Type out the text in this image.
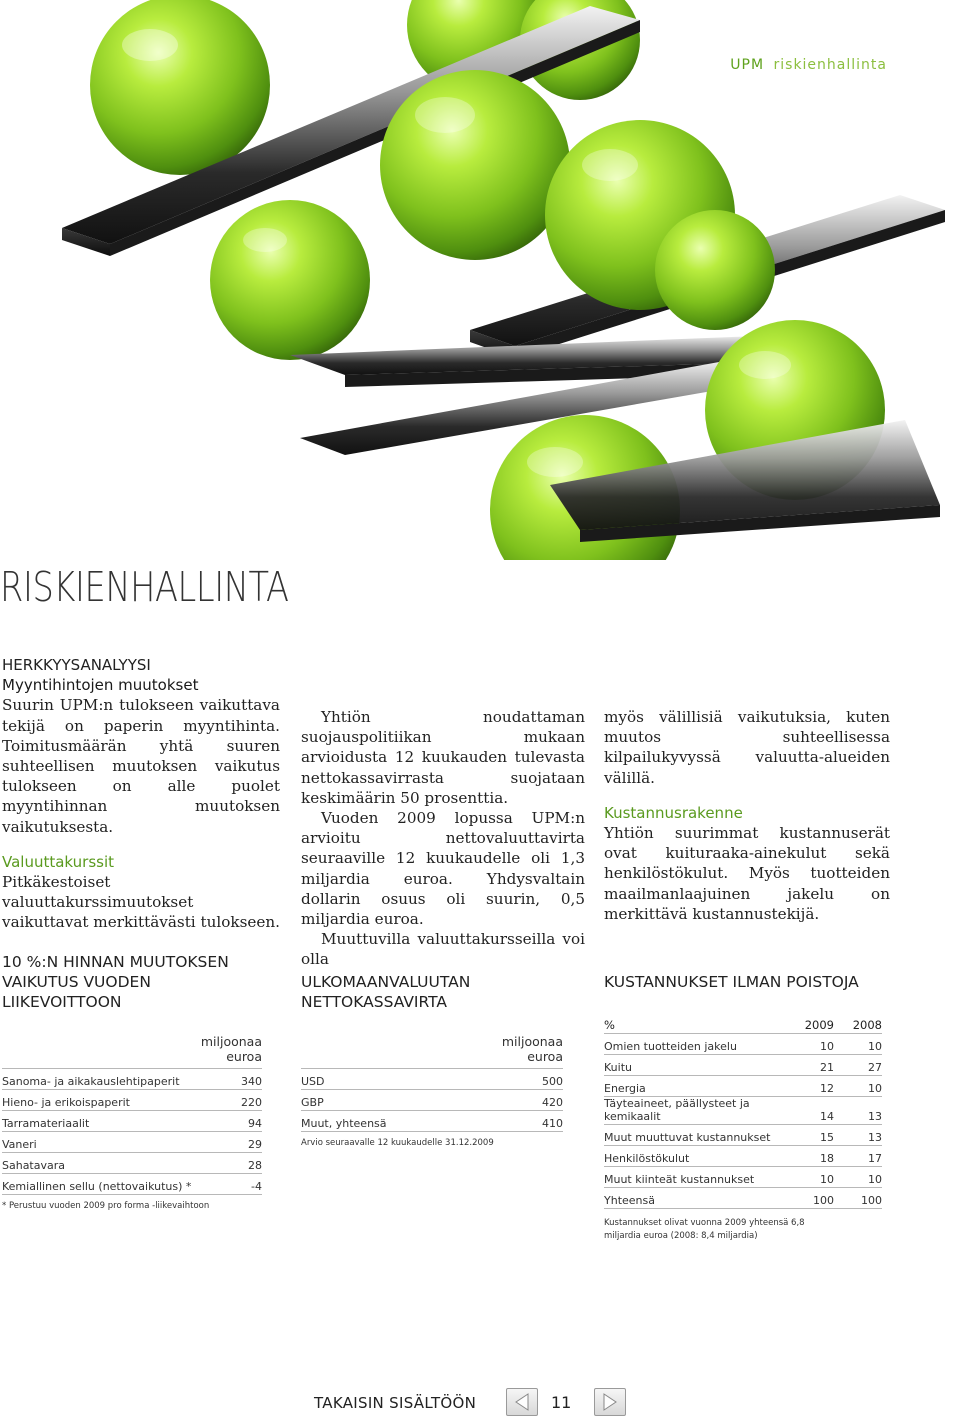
UPM riskienhallinta
RISKIENHALLINTA

HERKKYYSANALYYSI

Myyntihintojen muutokset

Suurin UPM:n tulokseen vaikuttava tekijä on paperin myyntihinta. Toimitusmäärän yhtä suuren suhteellisen muutoksen vaikutus tulokseen on alle puolet myyntihinnan muutoksen vaikutuksesta.

Valuuttakurssit

Pitkäkestoiset valuuttakurssimuutokset vaikuttavat merkittävästi tulokseen.

Yhtiön noudattaman suojauspolitiikan mukaan arvioidusta 12 kuukauden tulevasta nettokassavirrasta suojataan keskimäärin 50 prosenttia.

Vuoden 2009 lopussa UPM:n arvioitu nettovaluuttavirta seuraaville 12 kuukaudelle oli 1,3 miljardia euroa. Yhdysvaltain dollarin osuus oli suurin, 0,5 miljardia euroa.

Muuttuvilla valuuttakursseilla voi olla

myös välillisiä vaikutuksia, kuten muutos suhteellisessa kilpailukyvyssä valuutta-alueiden välillä.

Kustannusrakenne

Yhtiön suurimmat kustannuserät ovat kuituraaka-ainekulut sekä henkilöstökulut. Myös tuotteiden maailmanlaajuinen jakelu on merkittävä kustannustekijä.

10 %:N HINNAN MUUTOKSEN VAIKUTUS VUODEN LIIKEVOITTOON

miljoonaa
euroa
Sanoma- ja aikakauslehtipaperit	340
Hieno- ja erikoispaperit	220
Tarramateriaalit	94
Vaneri	29
Sahatavara	28
Kemiallinen sellu (nettovaikutus) *	-4
* Perustuu vuoden 2009 pro forma -liikevaihtoon

ULKOMAANVALUUTAN NETTOKASSAVIRTA

miljoonaa
euroa
USD	500
GBP	420
Muut, yhteensä	410
Arvio seuraavalle 12 kuukaudelle 31.12.2009

KUSTANNUKSET ILMAN POISTOJA

%	2009	2008
Omien tuotteiden jakelu	10	10
Kuitu	21	27
Energia	12	10
Täyteaineet, päällysteet ja kemikaalit	14	13
Muut muuttuvat kustannukset	15	13
Henkilöstökulut	18	17
Muut kiinteät kustannukset	10	10
Yhteensä	100	100
Kustannukset olivat vuonna 2009 yhteensä 6,8 miljardia euroa (2008: 8,4 miljardia)
TAKAISIN SISÄLTÖÖN	11
